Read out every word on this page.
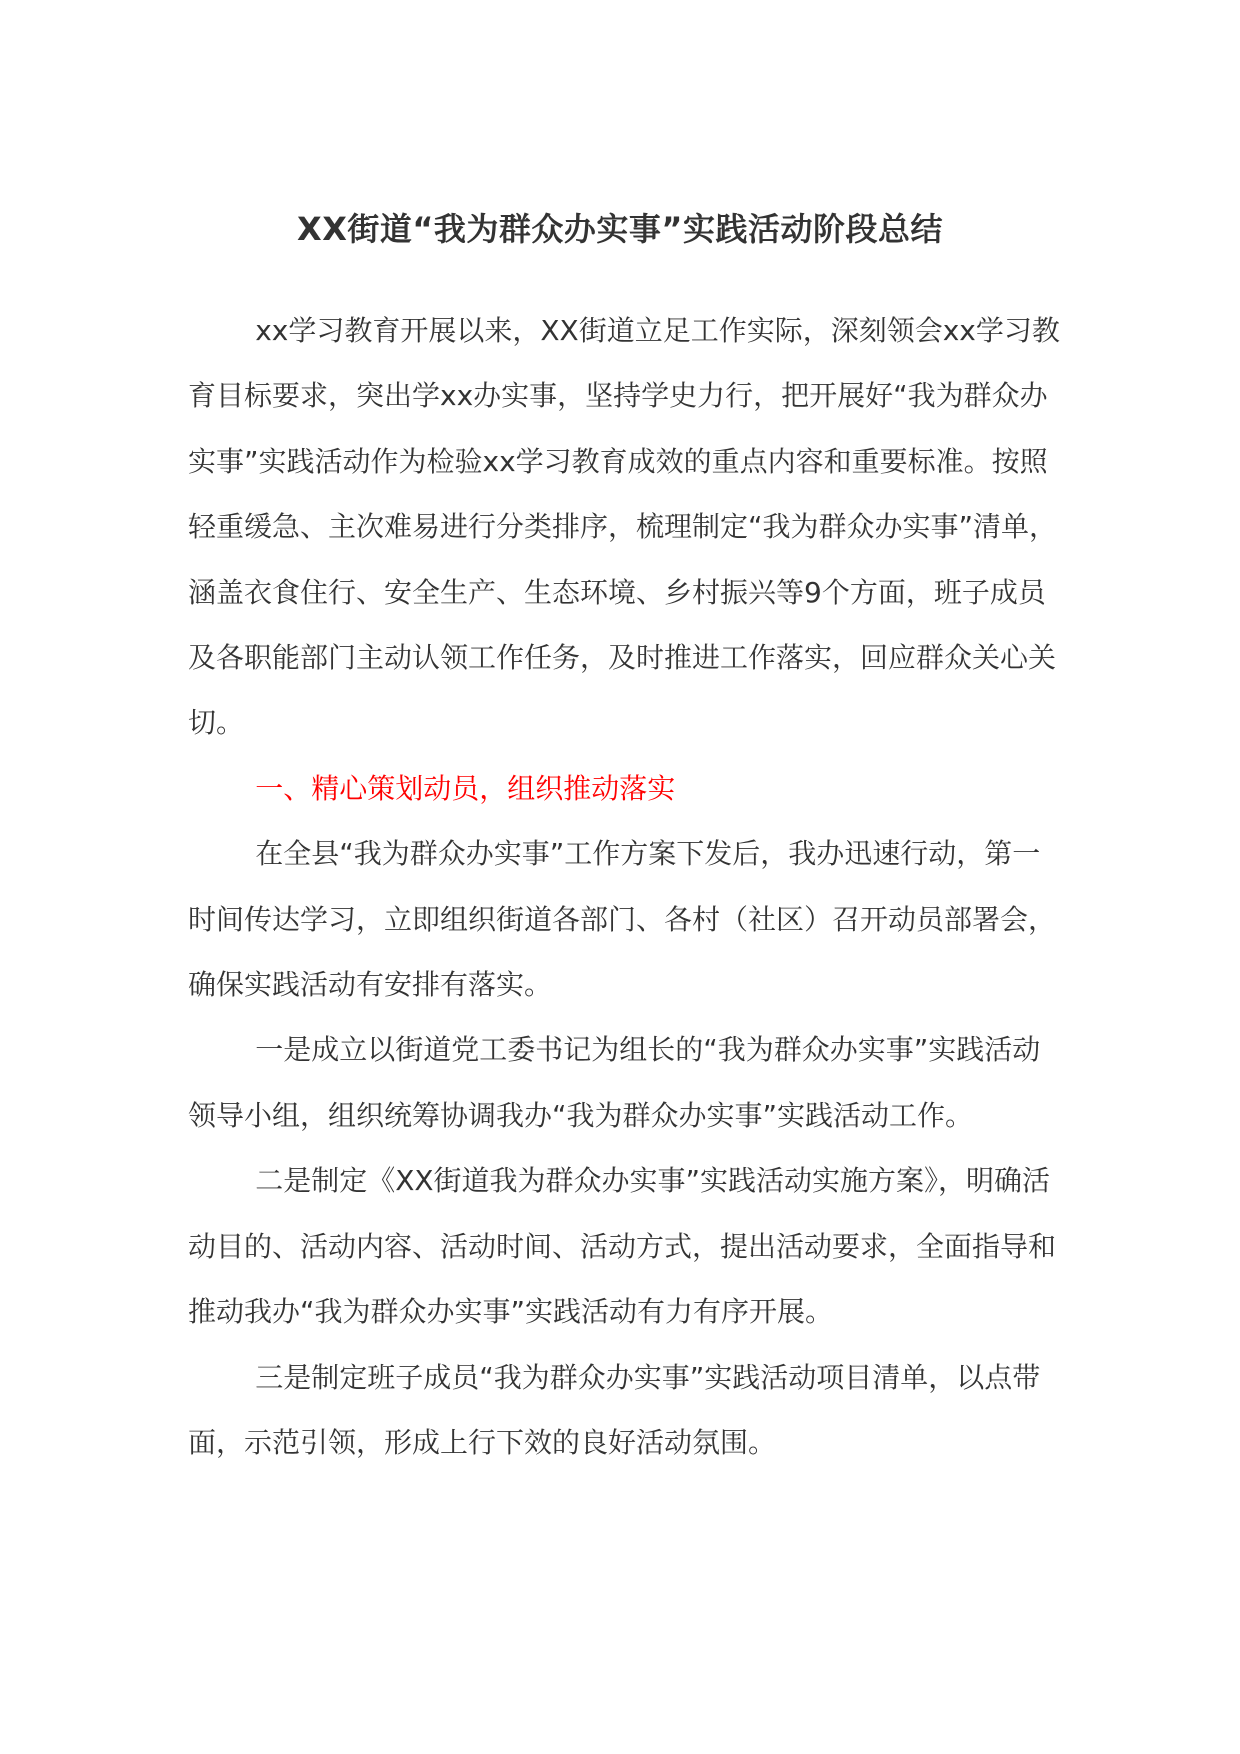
XX街道“我为群众办实事”实践活动阶段总结

xx学习教育开展以来，XX街道立足工作实际，深刻领会xx学习教育目标要求，突出学xx办实事，坚持学史力行，把开展好“我为群众办实事”实践活动作为检验xx学习教育成效的重点内容和重要标准。按照轻重缓急、主次难易进行分类排序，梳理制定“我为群众办实事”清单，涵盖衣食住行、安全生产、生态环境、乡村振兴等9个方面，班子成员及各职能部门主动认领工作任务，及时推进工作落实，回应群众关心关切。

一、精心策划动员，组织推动落实

在全县“我为群众办实事”工作方案下发后，我办迅速行动，第一时间传达学习，立即组织街道各部门、各村（社区）召开动员部署会，确保实践活动有安排有落实。

一是成立以街道党工委书记为组长的“我为群众办实事”实践活动领导小组，组织统筹协调我办“我为群众办实事”实践活动工作。

二是制定《XX街道我为群众办实事”实践活动实施方案》，明确活动目的、活动内容、活动时间、活动方式，提出活动要求，全面指导和推动我办“我为群众办实事”实践活动有力有序开展。

三是制定班子成员“我为群众办实事”实践活动项目清单，以点带面，示范引领，形成上行下效的良好活动氛围。
